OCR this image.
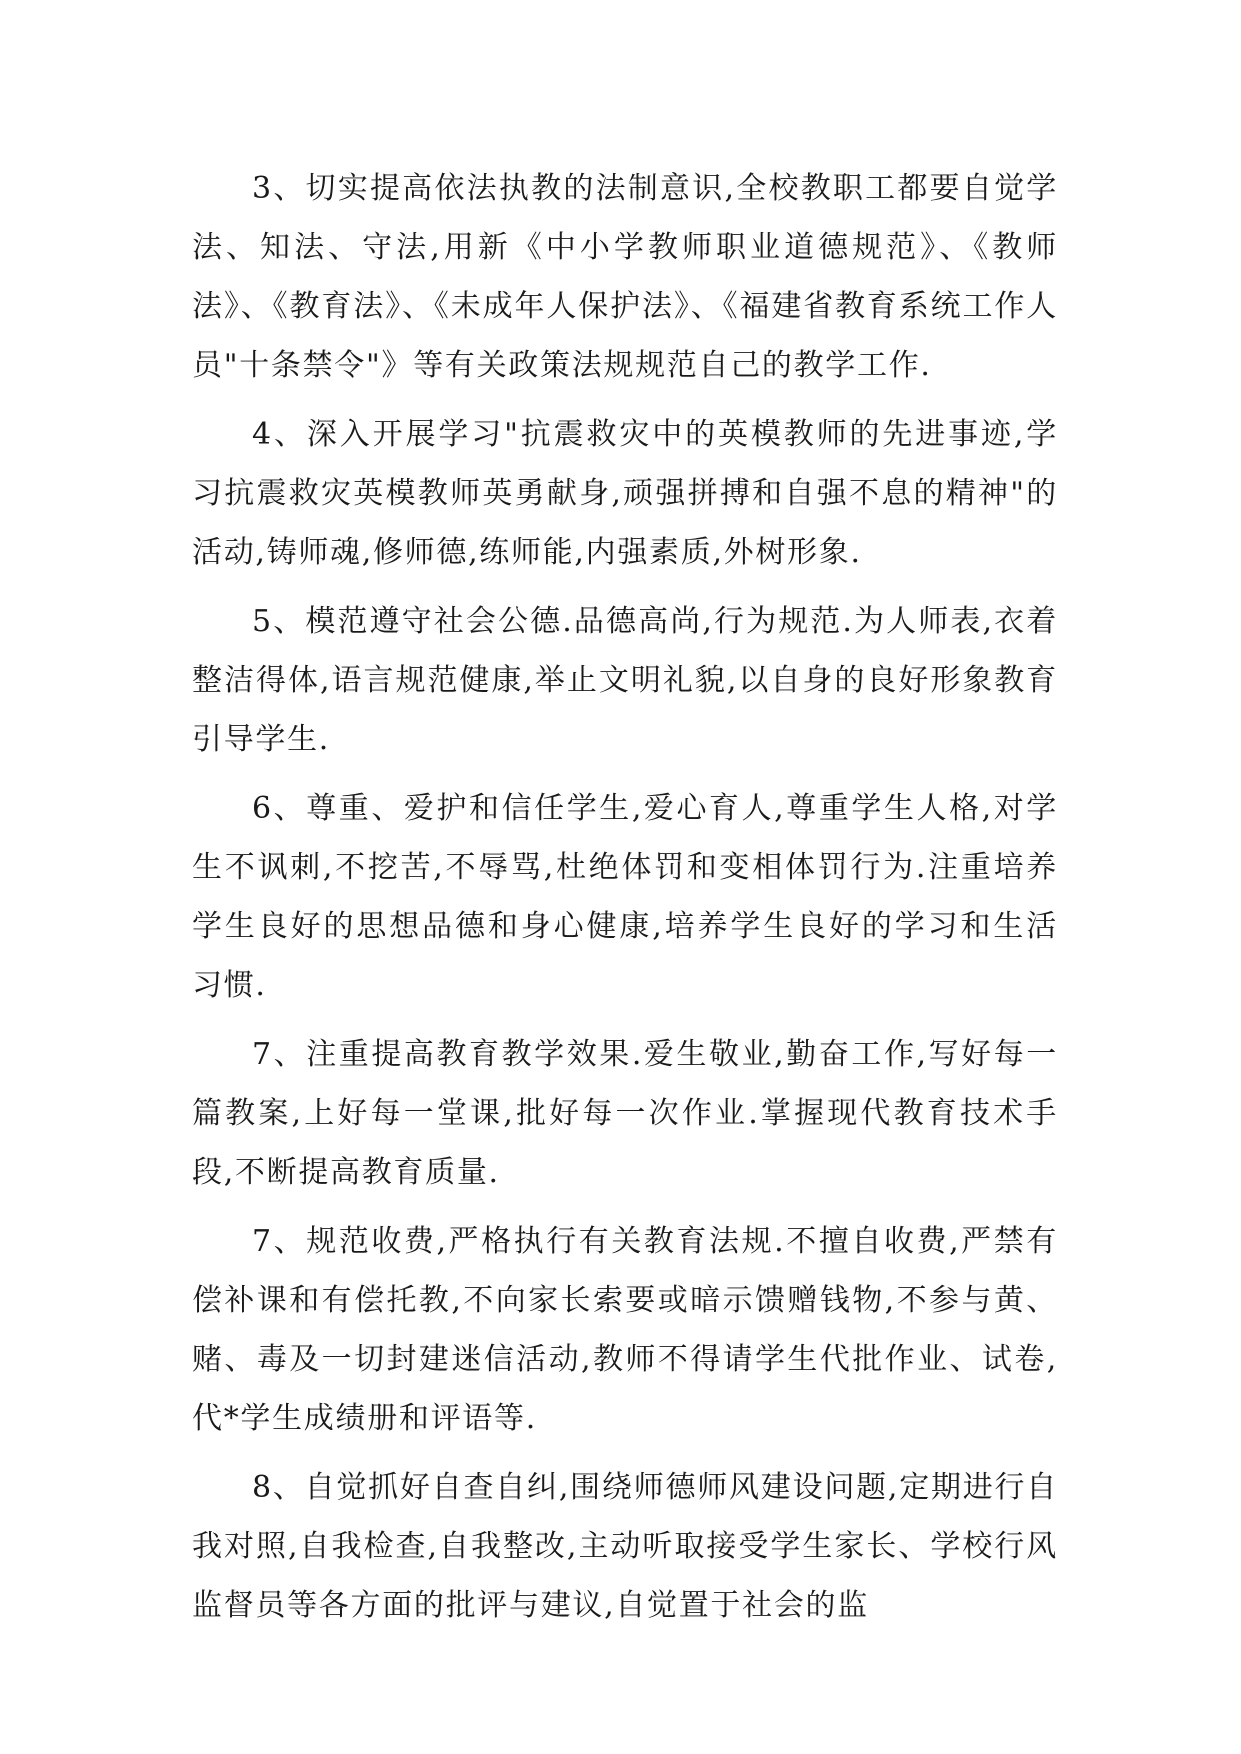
3、切实提高依法执教的法制意识,全校教职工都要自觉学法、知法、守法,用新《中小学教师职业道德规范》、《教师法》、《教育法》、《未成年人保护法》、《福建省教育系统工作人员"十条禁令"》等有关政策法规规范自己的教学工作.

4、深入开展学习"抗震救灾中的英模教师的先进事迹,学习抗震救灾英模教师英勇献身,顽强拼搏和自强不息的精神"的活动,铸师魂,修师德,练师能,内强素质,外树形象.

5、模范遵守社会公德.品德高尚,行为规范.为人师表,衣着整洁得体,语言规范健康,举止文明礼貌,以自身的良好形象教育引导学生.

6、尊重、爱护和信任学生,爱心育人,尊重学生人格,对学生不讽刺,不挖苦,不辱骂,杜绝体罚和变相体罚行为.注重培养学生良好的思想品德和身心健康,培养学生良好的学习和生活习惯.

7、注重提高教育教学效果.爱生敬业,勤奋工作,写好每一篇教案,上好每一堂课,批好每一次作业.掌握现代教育技术手段,不断提高教育质量.

7、规范收费,严格执行有关教育法规.不擅自收费,严禁有偿补课和有偿托教,不向家长索要或暗示馈赠钱物,不参与黄、赌、毒及一切封建迷信活动,教师不得请学生代批作业、试卷,代*学生成绩册和评语等.

8、自觉抓好自查自纠,围绕师德师风建设问题,定期进行自我对照,自我检查,自我整改,主动听取接受学生家长、学校行风监督员等各方面的批评与建议,自觉置于社会的监
